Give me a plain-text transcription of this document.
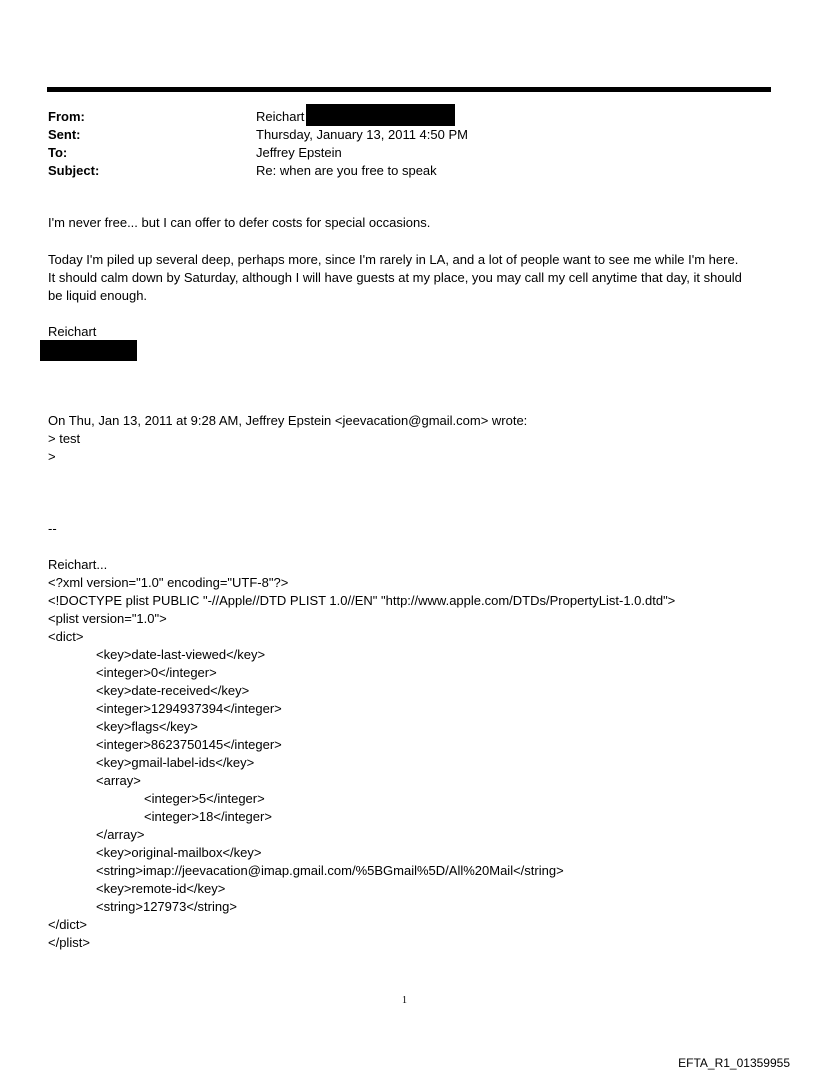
From:	Reichart
Sent:	Thursday, January 13, 2011 4:50 PM
To:	Jeffrey Epstein
Subject:	Re: when are you free to speak
I'm never free... but I can offer to defer costs for special occasions.
Today I'm piled up several deep, perhaps more, since I'm rarely in LA, and a lot of people want to see me while I'm here.
It should calm down by Saturday, although I will have guests at my place, you may call my cell anytime that day, it should
be liquid enough.
Reichart
On Thu, Jan 13, 2011 at 9:28 AM, Jeffrey Epstein <jeevacation@gmail.com> wrote:
> test
>
--
Reichart...
<?xml version="1.0" encoding="UTF-8"?>
<!DOCTYPE plist PUBLIC "-//Apple//DTD PLIST 1.0//EN" "http://www.apple.com/DTDs/PropertyList-1.0.dtd">
<plist version="1.0">
<dict>
<key>date-last-viewed</key>
<integer>0</integer>
<key>date-received</key>
<integer>1294937394</integer>
<key>flags</key>
<integer>8623750145</integer>
<key>gmail-label-ids</key>
<array>
<integer>5</integer>
<integer>18</integer>
</array>
<key>original-mailbox</key>
<string>imap://jeevacation@imap.gmail.com/%5BGmail%5D/All%20Mail</string>
<key>remote-id</key>
<string>127973</string>
</dict>
</plist>
1
EFTA_R1_01359955
